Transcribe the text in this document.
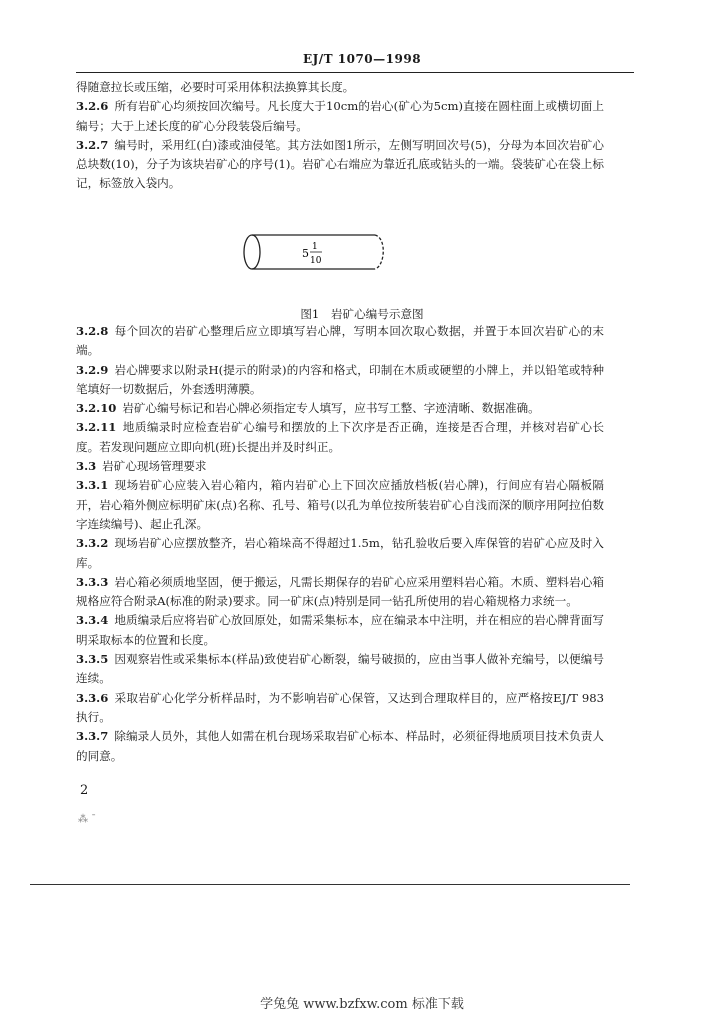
EJ/T 1070—1998

得随意拉长或压缩，必要时可采用体积法换算其长度。

3.2.6 所有岩矿心均须按回次编号。凡长度大于10cm的岩心(矿心为5cm)直接在圆柱面上或横切面上编号；大于上述长度的矿心分段装袋后编号。

3.2.7 编号时，采用红(白)漆或油侵笔。其方法如图1所示，左侧写明回次号(5)，分母为本回次岩矿心总块数(10)，分子为该块岩矿心的序号(1)。岩矿心右端应为靠近孔底或钻头的一端。袋装矿心在袋上标记，标签放入袋内。

5 1
10
图1　岩矿心编号示意图

3.2.8 每个回次的岩矿心整理后应立即填写岩心牌，写明本回次取心数据，并置于本回次岩矿心的末端。

3.2.9 岩心牌要求以附录H(提示的附录)的内容和格式，印制在木质或硬塑的小牌上，并以铅笔或特种笔填好一切数据后，外套透明薄膜。

3.2.10 岩矿心编号标记和岩心牌必须指定专人填写，应书写工整、字迹清晰、数据准确。

3.2.11 地质编录时应检查岩矿心编号和摆放的上下次序是否正确，连接是否合理，并核对岩矿心长度。若发现问题应立即向机(班)长提出并及时纠正。

3.3 岩矿心现场管理要求

3.3.1 现场岩矿心应装入岩心箱内，箱内岩矿心上下回次应插放档板(岩心牌)，行间应有岩心隔板隔开，岩心箱外侧应标明矿床(点)名称、孔号、箱号(以孔为单位按所装岩矿心自浅而深的顺序用阿拉伯数字连续编号)、起止孔深。

3.3.2 现场岩矿心应摆放整齐，岩心箱垛高不得超过1.5m，钻孔验收后要入库保管的岩矿心应及时入库。

3.3.3 岩心箱必须质地坚固，便于搬运，凡需长期保存的岩矿心应采用塑料岩心箱。木质、塑料岩心箱规格应符合附录A(标准的附录)要求。同一矿床(点)特别是同一钻孔所使用的岩心箱规格力求统一。

3.3.4 地质编录后应将岩矿心放回原处，如需采集标本，应在编录本中注明，并在相应的岩心牌背面写明采取标本的位置和长度。

3.3.5 因观察岩性或采集标本(样品)致使岩矿心断裂，编号破损的，应由当事人做补充编号，以便编号连续。

3.3.6 采取岩矿心化学分析样品时，为不影响岩矿心保管，又达到合理取样目的，应严格按EJ/T 983执行。

3.3.7 除编录人员外，其他人如需在机台现场采取岩矿心标本、样品时，必须征得地质项目技术负责人的同意。

2
⁂ ˉ
学兔兔 www.bzfxw.com 标准下载
